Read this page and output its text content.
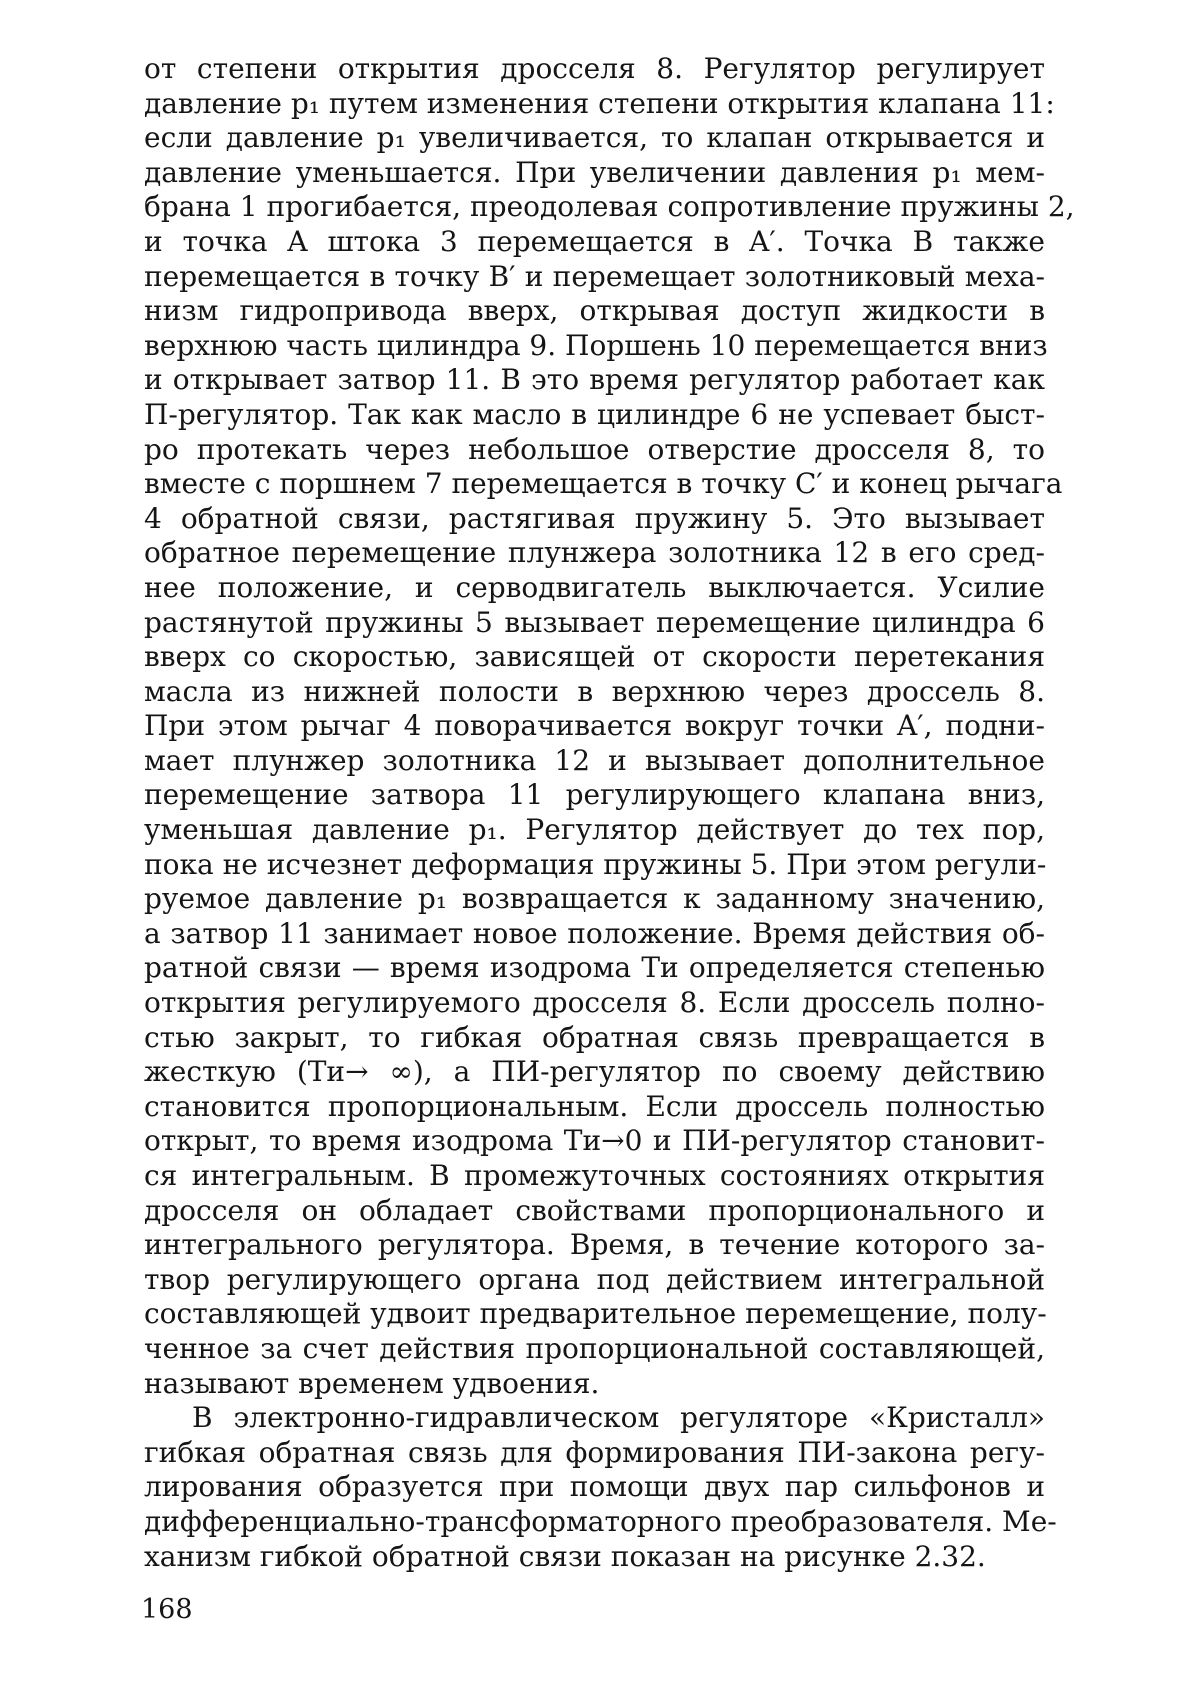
от степени открытия дросселя 8. Регулятор регулирует
давление p₁ путем изменения степени открытия клапана 11:
если давление p₁ увеличивается, то клапан открывается и
давление уменьшается. При увеличении давления p₁ мем-
брана 1 прогибается, преодолевая сопротивление пружины 2,
и точка A штока 3 перемещается в A′. Точка B также
перемещается в точку B′ и перемещает золотниковый меха-
низм гидропривода вверх, открывая доступ жидкости в
верхнюю часть цилиндра 9. Поршень 10 перемещается вниз
и открывает затвор 11. В это время регулятор работает как
П-регулятор. Так как масло в цилиндре 6 не успевает быст-
ро протекать через небольшое отверстие дросселя 8, то
вместе с поршнем 7 перемещается в точку C′ и конец рычага
4 обратной связи, растягивая пружину 5. Это вызывает
обратное перемещение плунжера золотника 12 в его сред-
нее положение, и серводвигатель выключается. Усилие
растянутой пружины 5 вызывает перемещение цилиндра 6
вверх со скоростью, зависящей от скорости перетекания
масла из нижней полости в верхнюю через дроссель 8.
При этом рычаг 4 поворачивается вокруг точки A′, подни-
мает плунжер золотника 12 и вызывает дополнительное
перемещение затвора 11 регулирующего клапана вниз,
уменьшая давление p₁. Регулятор действует до тех пор,
пока не исчезнет деформация пружины 5. При этом регули-
руемое давление p₁ возвращается к заданному значению,
а затвор 11 занимает новое положение. Время действия об-
ратной связи — время изодрома Tи определяется степенью
открытия регулируемого дросселя 8. Если дроссель полно-
стью закрыт, то гибкая обратная связь превращается в
жесткую (Tи→ ∞), а ПИ-регулятор по своему действию
становится пропорциональным. Если дроссель полностью
открыт, то время изодрома Tи→0 и ПИ-регулятор становит-
ся интегральным. В промежуточных состояниях открытия
дросселя он обладает свойствами пропорционального и
интегрального регулятора. Время, в течение которого за-
твор регулирующего органа под действием интегральной
составляющей удвоит предварительное перемещение, полу-
ченное за счет действия пропорциональной составляющей,
называют временем удвоения.
В электронно-гидравлическом регуляторе «Кристалл»
гибкая обратная связь для формирования ПИ-закона регу-
лирования образуется при помощи двух пар сильфонов и
дифференциально-трансформаторного преобразователя. Ме-
ханизм гибкой обратной связи показан на рисунке 2.32.
168
